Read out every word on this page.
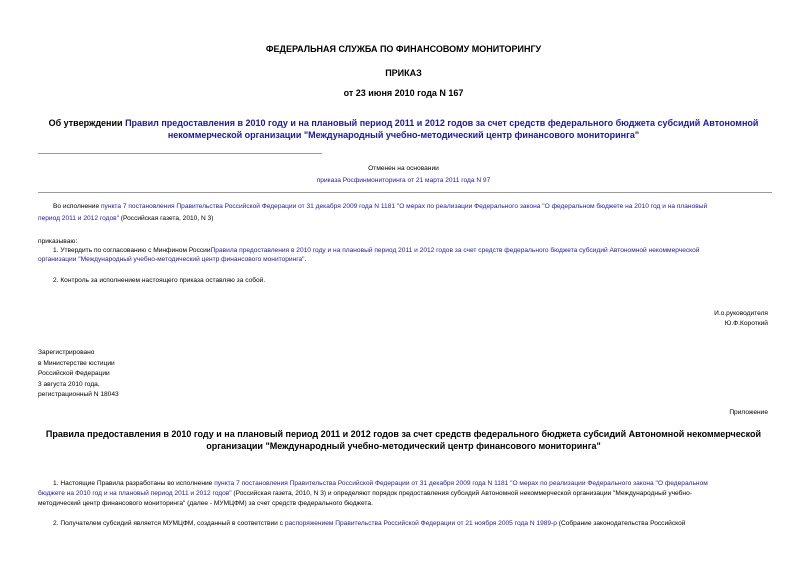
ФЕДЕРАЛЬНАЯ СЛУЖБА ПО ФИНАНСОВОМУ МОНИТОРИНГУ
ПРИКАЗ
от 23 июня 2010 года N 167
Об утверждении Правил предоставления в 2010 году и на плановый период 2011 и 2012 годов за счет средств федерального бюджета субсидий Автономной
некоммерческой организации "Международный учебно-методический центр финансового мониторинга"
Отменен на основании
приказа Росфинмониторинга от 21 марта 2011 года N 97
Во исполнение пункта 7 постановления Правительства Российской Федерации от 31 декабря 2009 года N 1181 "О мерах по реализации Федерального закона "О федеральном бюджете на 2010 год и на плановый
период 2011 и 2012 годов" (Российская газета, 2010, N 3)
приказываю:
1. Утвердить по согласованию с Минфином РоссииПравила предоставления в 2010 году и на плановый период 2011 и 2012 годов за счет средств федерального бюджета субсидий Автономной некоммерческой
организации "Международный учебно-методический центр финансового мониторинга".
2. Контроль за исполнением настоящего приказа оставляю за собой.
И.о.руководителя
Ю.Ф.Короткий
Зарегистрировано
в Министерстве юстиции
Российской Федерации
3 августа 2010 года,
регистрационный N 18043
Приложение
Правила предоставления в 2010 году и на плановый период 2011 и 2012 годов за счет средств федерального бюджета субсидий Автономной некоммерческой
организации "Международный учебно-методический центр финансового мониторинга"
1. Настоящие Правила разработаны во исполнение пункта 7 постановления Правительства Российской Федерации от 31 декабря 2009 года N 1181 "О мерах по реализации Федерального закона "О федеральном
бюджете на 2010 год и на плановый период 2011 и 2012 годов" (Российская газета, 2010, N 3) и определяют порядок предоставления субсидий Автономной некоммерческой организации "Международный учебно-
методический центр финансового мониторинга" (далее - МУМЦФМ) за счет средств федерального бюджета.
2. Получателем субсидий является МУМЦФМ, созданный в соответствии с распоряжением Правительства Российской Федерации от 21 ноября 2005 года N 1989-р (Собрание законодательства Российской
